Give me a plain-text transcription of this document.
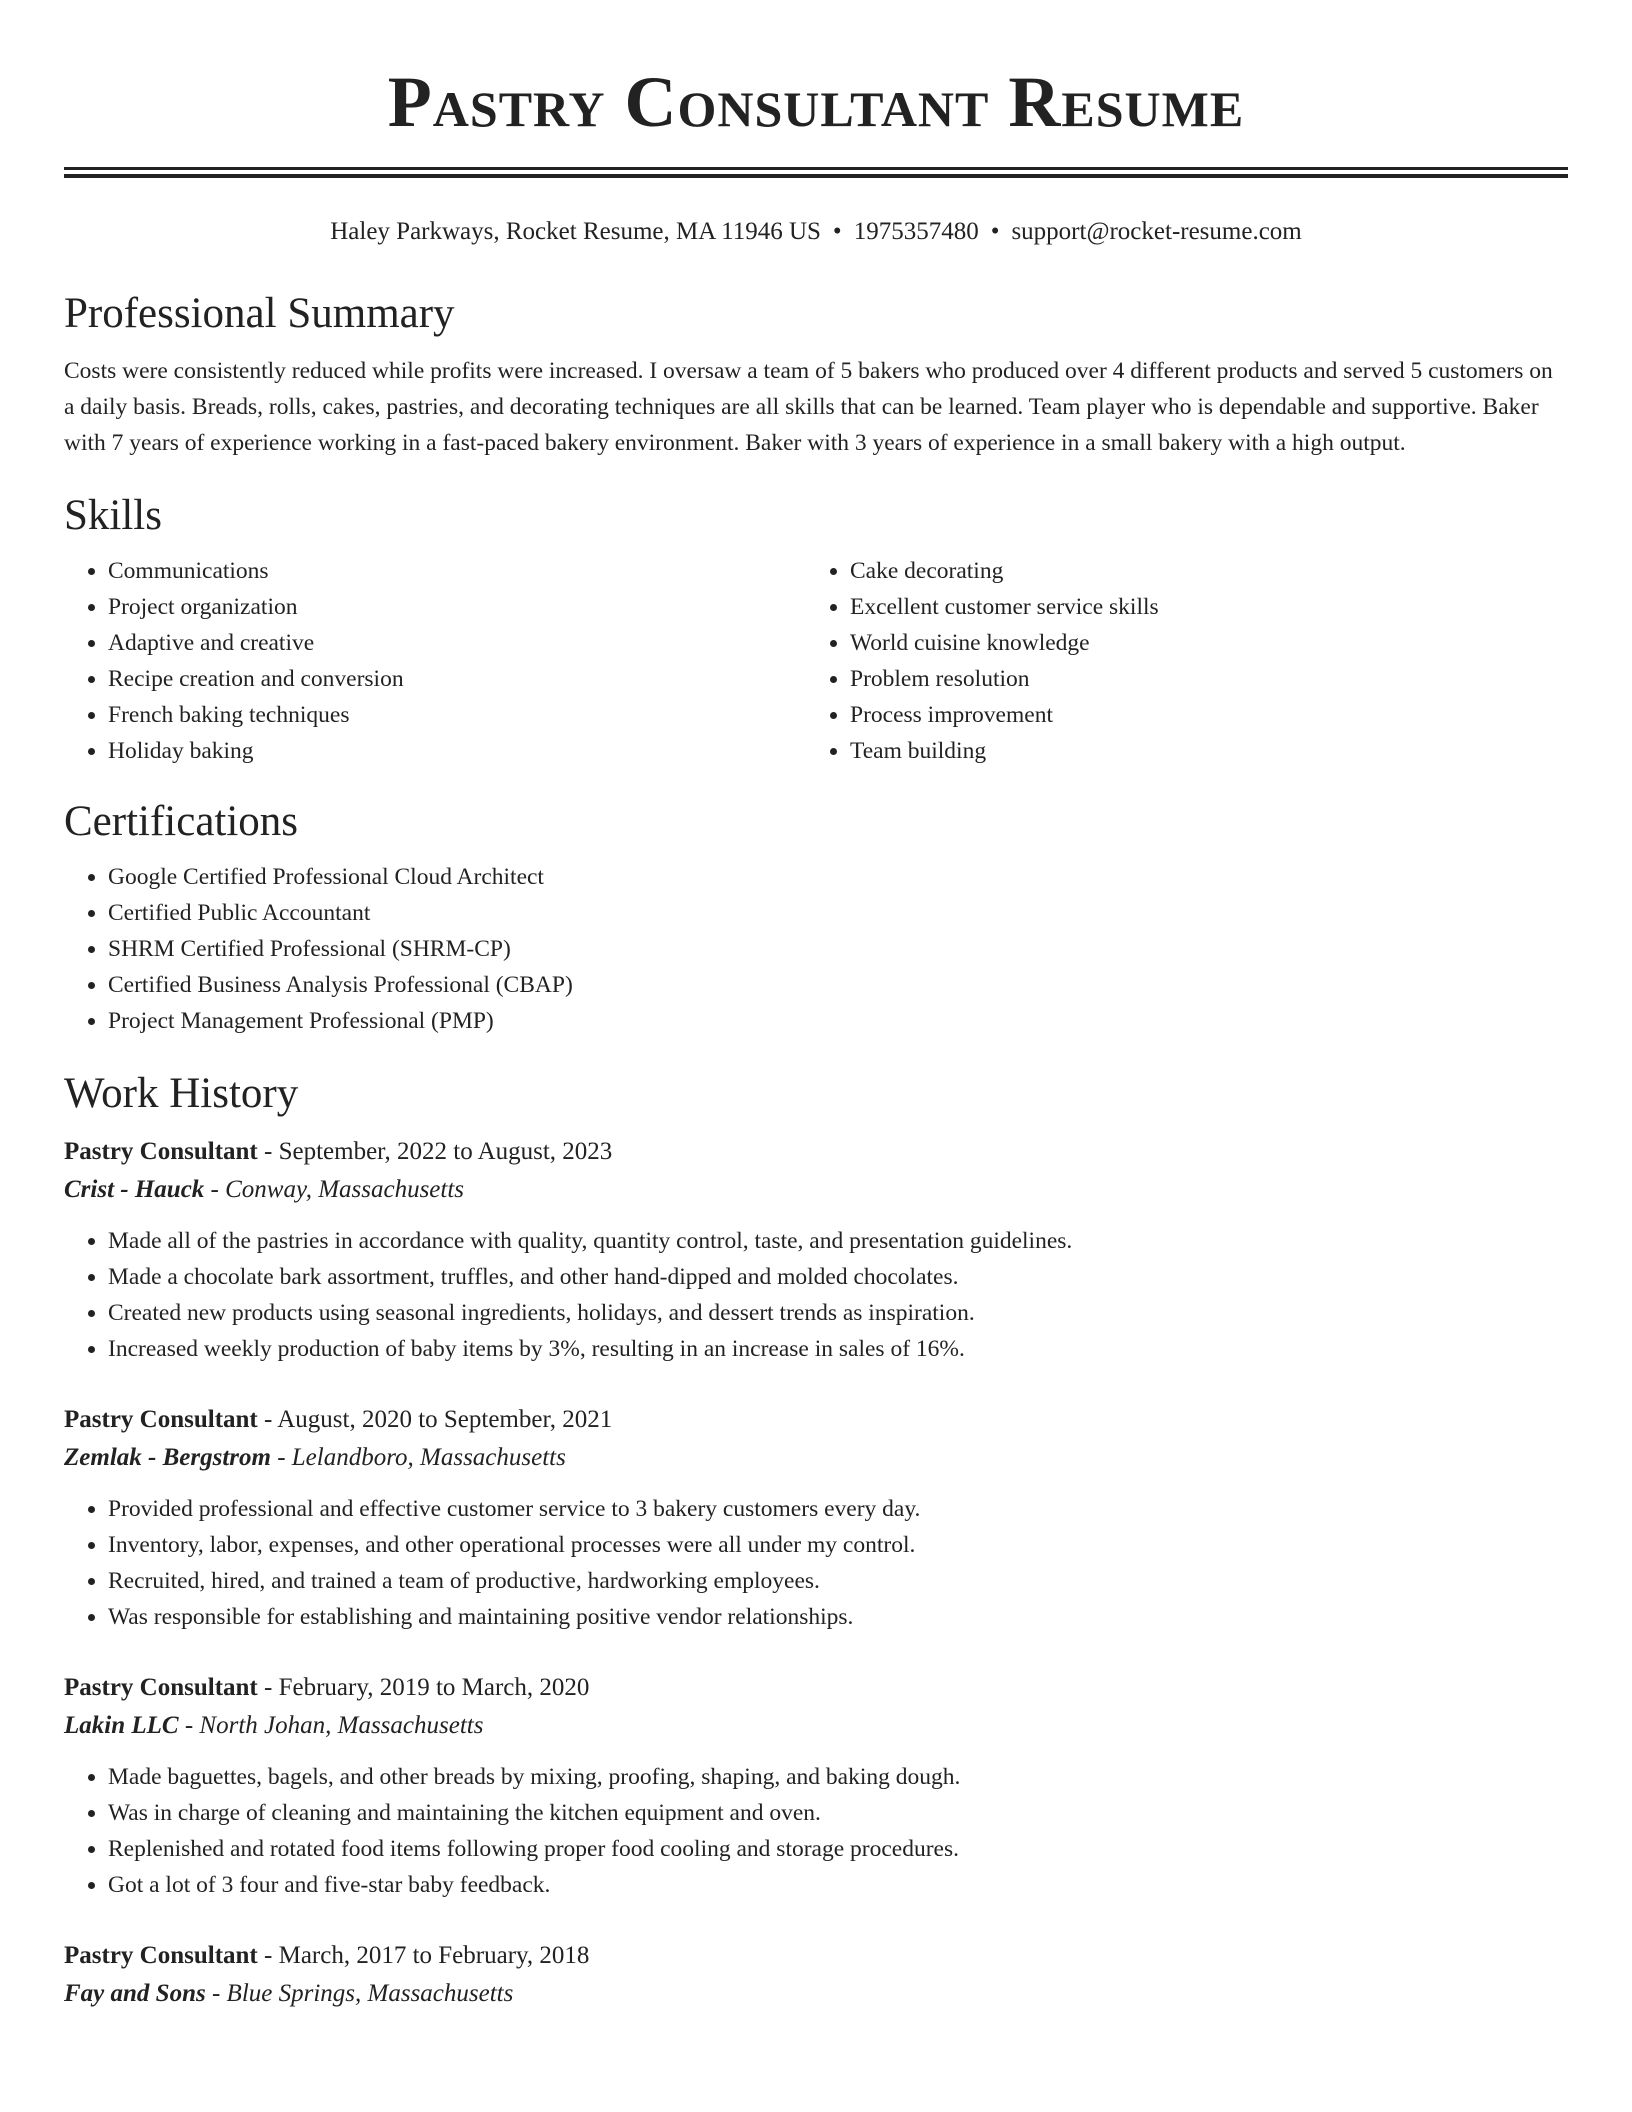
Pastry Consultant Resume
Haley Parkways, Rocket Resume, MA 11946 US • 1975357480 • support@rocket-resume.com
Professional Summary

Costs were consistently reduced while profits were increased. I oversaw a team of 5 bakers who produced over 4 different products and served 5 customers on a daily basis. Breads, rolls, cakes, pastries, and decorating techniques are all skills that can be learned. Team player who is dependable and supportive. Baker with 7 years of experience working in a fast-paced bakery environment. Baker with 3 years of experience in a small bakery with a high output.

Skills
• Communications
• Project organization
• Adaptive and creative
• Recipe creation and conversion
• French baking techniques
• Holiday baking
• Cake decorating
• Excellent customer service skills
• World cuisine knowledge
• Problem resolution
• Process improvement
• Team building
Certifications
• Google Certified Professional Cloud Architect
• Certified Public Accountant
• SHRM Certified Professional (SHRM-CP)
• Certified Business Analysis Professional (CBAP)
• Project Management Professional (PMP)
Work History
Pastry Consultant - September, 2022 to August, 2023
Crist - Hauck - Conway, Massachusetts
• Made all of the pastries in accordance with quality, quantity control, taste, and presentation guidelines.
• Made a chocolate bark assortment, truffles, and other hand-dipped and molded chocolates.
• Created new products using seasonal ingredients, holidays, and dessert trends as inspiration.
• Increased weekly production of baby items by 3%, resulting in an increase in sales of 16%.
Pastry Consultant - August, 2020 to September, 2021
Zemlak - Bergstrom - Lelandboro, Massachusetts
• Provided professional and effective customer service to 3 bakery customers every day.
• Inventory, labor, expenses, and other operational processes were all under my control.
• Recruited, hired, and trained a team of productive, hardworking employees.
• Was responsible for establishing and maintaining positive vendor relationships.
Pastry Consultant - February, 2019 to March, 2020
Lakin LLC - North Johan, Massachusetts
• Made baguettes, bagels, and other breads by mixing, proofing, shaping, and baking dough.
• Was in charge of cleaning and maintaining the kitchen equipment and oven.
• Replenished and rotated food items following proper food cooling and storage procedures.
• Got a lot of 3 four and five-star baby feedback.
Pastry Consultant - March, 2017 to February, 2018
Fay and Sons - Blue Springs, Massachusetts
